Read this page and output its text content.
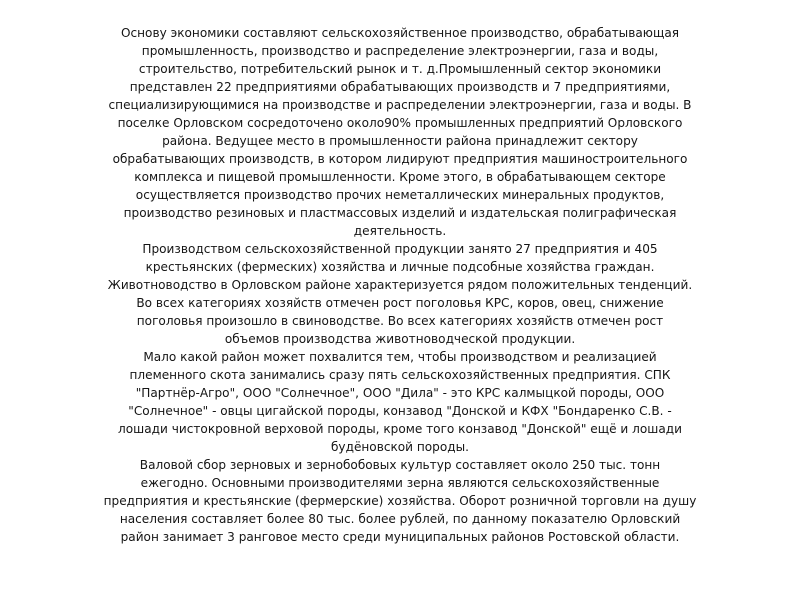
Основу экономики составляют сельскохозяйственное производство, обрабатывающая
промышленность, производство и распределение электроэнергии, газа и воды,
строительство, потребительский рынок и т. д.Промышленный сектор экономики
представлен 22 предприятиями обрабатывающих производств и 7 предприятиями,
специализирующимися на производстве и распределении электроэнергии, газа и воды. В
поселке Орловском сосредоточено около90% промышленных предприятий Орловского
района. Ведущее место в промышленности района принадлежит сектору
обрабатывающих производств, в котором лидируют предприятия машиностроительного
комплекса и пищевой промышленности. Кроме этого, в обрабатывающем секторе
осуществляется производство прочих неметаллических минеральных продуктов,
производство резиновых и пластмассовых изделий и издательская полиграфическая
деятельность.

Производством сельскохозяйственной продукции занято 27 предприятия и 405
крестьянских (фермеских) хозяйства и личные подсобные хозяйства граждан.
Животноводство в Орловском районе характеризуется рядом положительных тенденций.
Во всех категориях хозяйств отмечен рост поголовья КРС, коров, овец, снижение
поголовья произошло в свиноводстве. Во всех категориях хозяйств отмечен рост
объемов производства животноводческой продукции.

Мало какой район может похвалится тем, чтобы производством и реализацией
племенного скота занимались сразу пять сельскохозяйственных предприятия. СПК
"Партнёр-Агро", ООО "Солнечное", ООО "Дила" - это КРС калмыцкой породы, ООО
"Солнечное" - овцы цигайской породы, конзавод "Донской и КФХ "Бондаренко С.В. -
лошади чистокровной верховой породы, кроме того конзавод "Донской" ещё и лошади
будёновской породы.

Валовой сбор зерновых и зернобобовых культур составляет около 250 тыс. тонн
ежегодно. Основными производителями зерна являются сельскохозяйственные
предприятия и крестьянские (фермерские) хозяйства. Оборот розничной торговли на душу
населения составляет более 80 тыс. более рублей, по данному показателю Орловский
район занимает 3 ранговое место среди муниципальных районов Ростовской области.
